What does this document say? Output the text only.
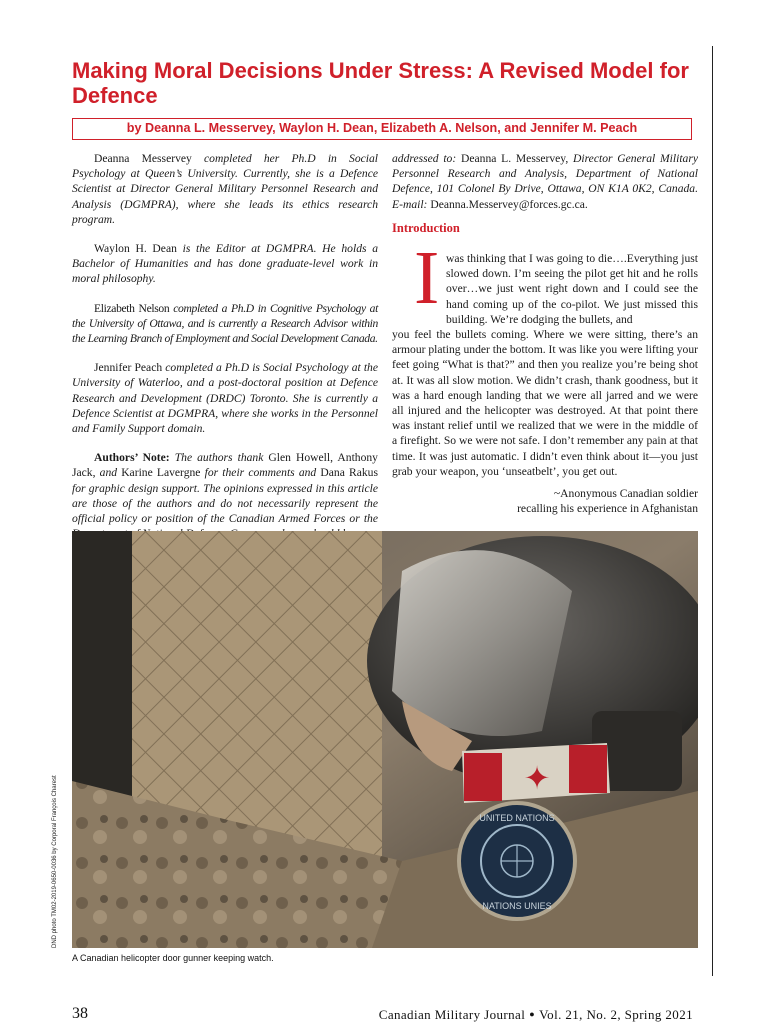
Making Moral Decisions Under Stress: A Revised Model for Defence
by Deanna L. Messervey, Waylon H. Dean, Elizabeth A. Nelson, and Jennifer M. Peach

Deanna Messervey completed her Ph.D in Social Psychology at Queen’s University. Currently, she is a Defence Scientist at Director General Military Personnel Research and Analysis (DGMPRA), where she leads its ethics research program.

Waylon H. Dean is the Editor at DGMPRA. He holds a Bachelor of Humanities and has done graduate-level work in moral philosophy.

Elizabeth Nelson completed a Ph.D in Cognitive Psychology at the University of Ottawa, and is currently a Research Advisor within the Learning Branch of Employment and Social Development Canada.

Jennifer Peach completed a Ph.D is Social Psychology at the University of Waterloo, and a post-doctoral position at Defence Research and Development (DRDC) Toronto. She is currently a Defence Scientist at DGMPRA, where she works in the Personnel and Family Support domain.

Authors’ Note: The authors thank Glen Howell, Anthony Jack, and Karine Lavergne for their comments and Dana Rakus for graphic design support. The opinions expressed in this article are those of the authors and do not necessarily represent the official policy or position of the Canadian Armed Forces or the

addressed to: Deanna L. Messervey, Director General Military Personnel Research and Analysis, Department of National Defence, 101 Colonel By Drive, Ottawa, ON K1A 0K2, Canada. E-mail: Deanna.Messervey@forces.gc.ca.

Introduction
I was thinking that I was going to die….Everything just slowed down. I’m seeing the pilot get hit and he rolls over…we just went right down and I could see the hand coming up of the co-pilot. We just missed this building. We’re dodging the bullets, and
you feel the bullets coming. Where we were sitting, there’s an armour plating under the bottom. It was like you were lifting your feet going “What is that?” and then you realize you’re being shot at. It was all slow motion. We didn’t crash, thank goodness, but it was a hard enough landing that we were all jarred and we were all injured and the helicopter was destroyed. At that point there was instant relief until we realized that we were in the middle of a firefight. So we were not safe. I don’t remember any pain at that time. It was just automatic. I didn’t even think about it—you just grab your weapon, you ‘unseatbelt’, you get out.
~Anonymous Canadian soldier
recalling his experience in Afghanistan
✦
UNITED NATIONS
NATIONS UNIES
DND photo TM02-2019-0650-0036 by Corporal François Charest
A Canadian helicopter door gunner keeping watch.
38	Canadian Military Journal ● Vol. 21, No. 2, Spring 2021
